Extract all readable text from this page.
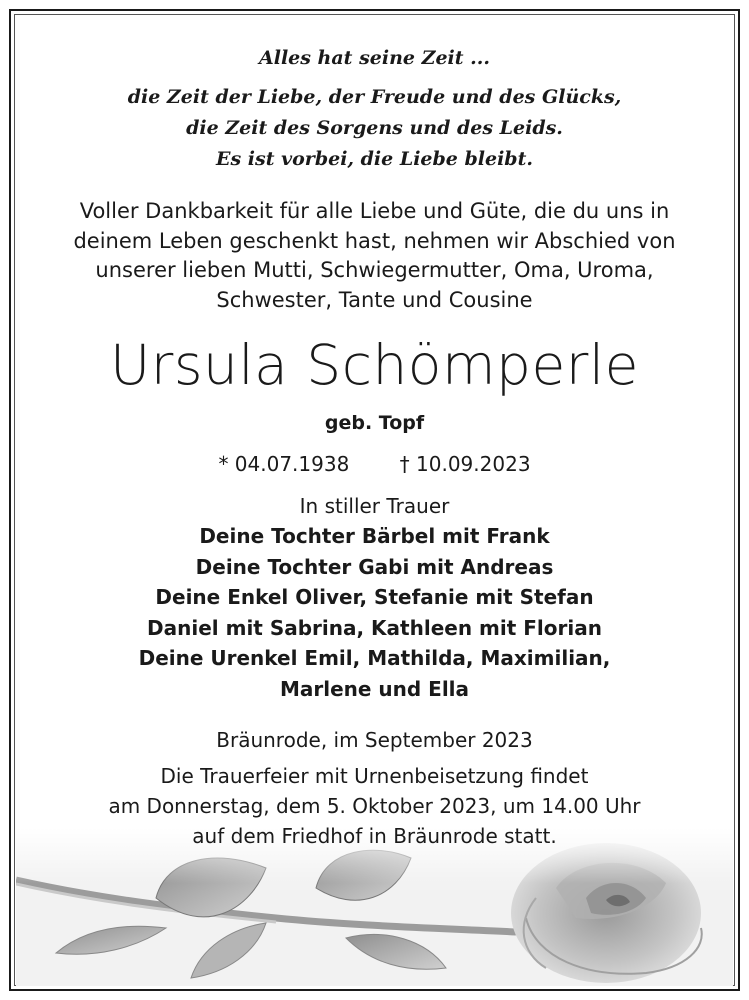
Alles hat seine Zeit ...
die Zeit der Liebe, der Freude und des Glücks,
die Zeit des Sorgens und des Leids.
Es ist vorbei, die Liebe bleibt.
Voller Dankbarkeit für alle Liebe und Güte, die du uns in
deinem Leben geschenkt hast, nehmen wir Abschied von
unserer lieben Mutti, Schwiegermutter, Oma, Uroma,
Schwester, Tante und Cousine
Ursula Schömperle
geb. Topf
* 04.07.1938	† 10.09.2023
In stiller Trauer
Deine Tochter Bärbel mit Frank
Deine Tochter Gabi mit Andreas
Deine Enkel Oliver, Stefanie mit Stefan
Daniel mit Sabrina, Kathleen mit Florian
Deine Urenkel Emil, Mathilda, Maximilian,
Marlene und Ella
Bräunrode, im September 2023
Die Trauerfeier mit Urnenbeisetzung findet
am Donnerstag, dem 5. Oktober 2023, um 14.00 Uhr
auf dem Friedhof in Bräunrode statt.
